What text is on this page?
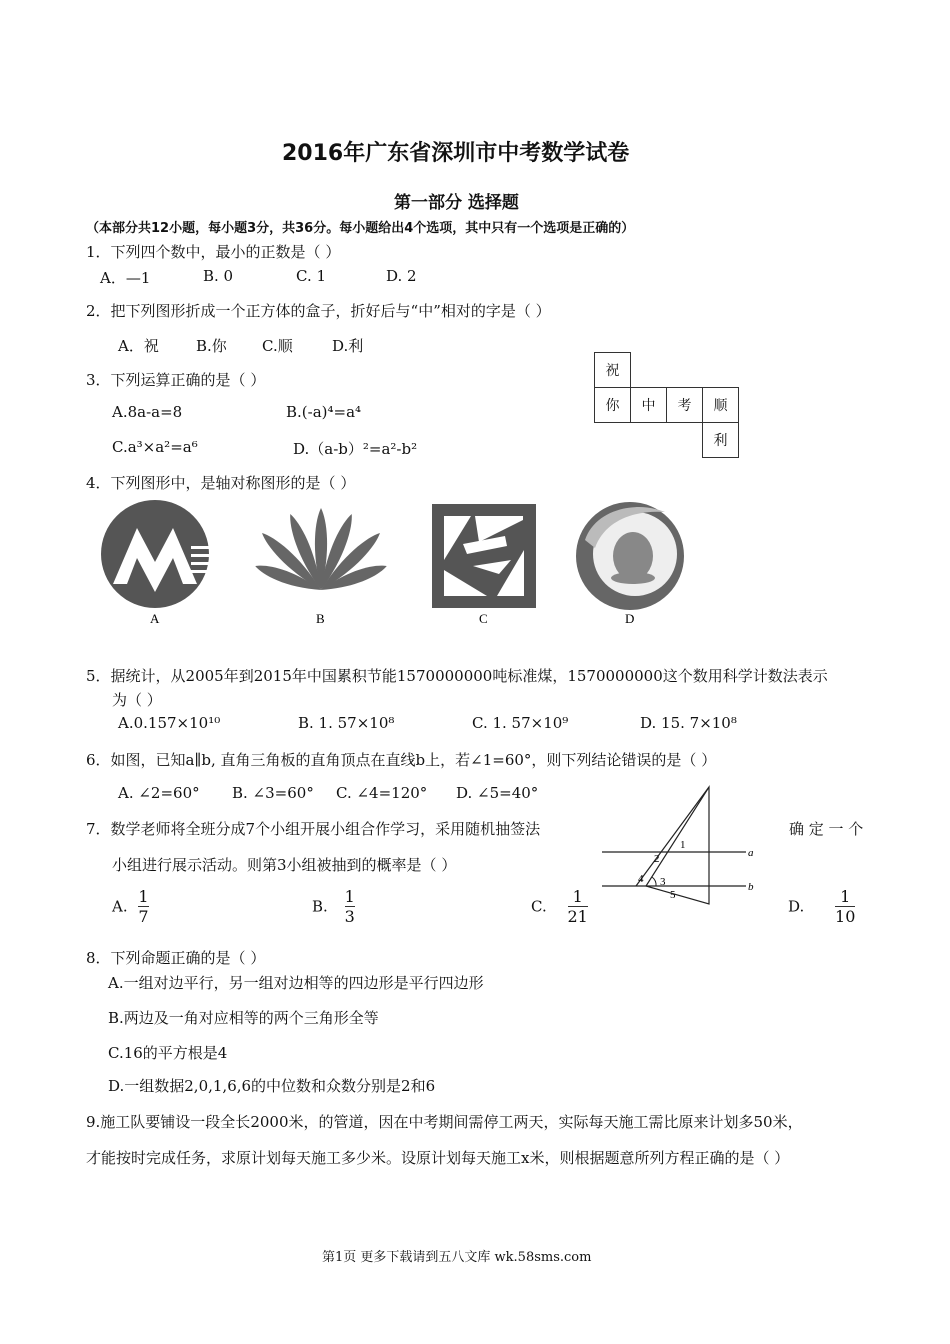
2016年广东省深圳市中考数学试卷
第一部分 选择题
（本部分共12小题，每小题3分，共36分。每小题给出4个选项，其中只有一个选项是正确的）
1．下列四个数中，最小的正数是（ ）
A．—1	B. 0	C. 1	D. 2
2．把下列图形折成一个正方体的盒子，折好后与“中”相对的字是（ ）
A．祝 B.你 C.顺	D.利
祝			
你	中	考	顺
			利
3．下列运算正确的是（ ）
A.8a-a=8	B.(-a)⁴=a⁴
C.a³×a²=a⁶	D.（a-b）²=a²-b²
4．下列图形中，是轴对称图形的是（ ）
A	B	C	D
5．据统计，从2005年到2015年中国累积节能1570000000吨标准煤，1570000000这个数用科学计数法表示
为（ ）
A.0.157×10¹⁰	B. 1. 57×10⁸	C. 1. 57×10⁹	D. 15. 7×10⁸
6．如图，已知a∥b, 直角三角板的直角顶点在直线b上，若∠1=60°，则下列结论错误的是（ ）
A. ∠2=60° B. ∠3=60° C. ∠4=120° D. ∠5=40°
1
2
3
4
5
a
b
7．数学老师将全班分成7个小组开展小组合作学习，采用随机抽签法	确 定 一 个
小组进行展示活动。则第3小组被抽到的概率是（ ）
A. $\frac{1}{7}$	B. $\frac{1}{3}$	C. $\frac{1}{21}$	D. $\frac{1}{10}$
8．下列命题正确的是（ ）
A.一组对边平行，另一组对边相等的四边形是平行四边形
B.两边及一角对应相等的两个三角形全等
C.16的平方根是4
D.一组数据2,0,1,6,6的中位数和众数分别是2和6
9.施工队要铺设一段全长2000米，的管道，因在中考期间需停工两天，实际每天施工需比原来计划多50米，
才能按时完成任务，求原计划每天施工多少米。设原计划每天施工x米，则根据题意所列方程正确的是（ ）
第1页 更多下载请到五八文库 wk.58sms.com
